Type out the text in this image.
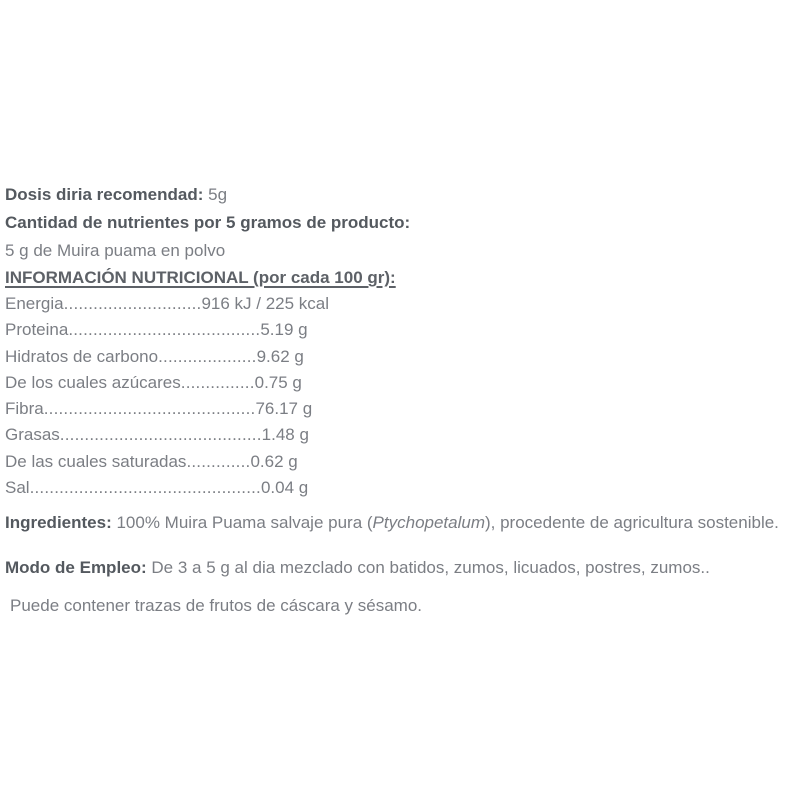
Dosis diria recomendad: 5g

Cantidad de nutrientes por 5 gramos de producto:

5 g de Muira puama en polvo

INFORMACIÓN NUTRICIONAL (por cada 100 gr):

Energia............................916 kJ / 225 kcal

Proteina.......................................5.19 g

Hidratos de carbono....................9.62 g

De los cuales azúcares...............0.75 g

Fibra...........................................76.17 g

Grasas.........................................1.48 g

De las cuales saturadas.............0.62 g

Sal...............................................0.04 g

Ingredientes: 100% Muira Puama salvaje pura (Ptychopetalum), procedente de agricultura sostenible.

Modo de Empleo: De 3 a 5 g al dia mezclado con batidos, zumos, licuados, postres, zumos..

Puede contener trazas de frutos de cáscara y sésamo.
